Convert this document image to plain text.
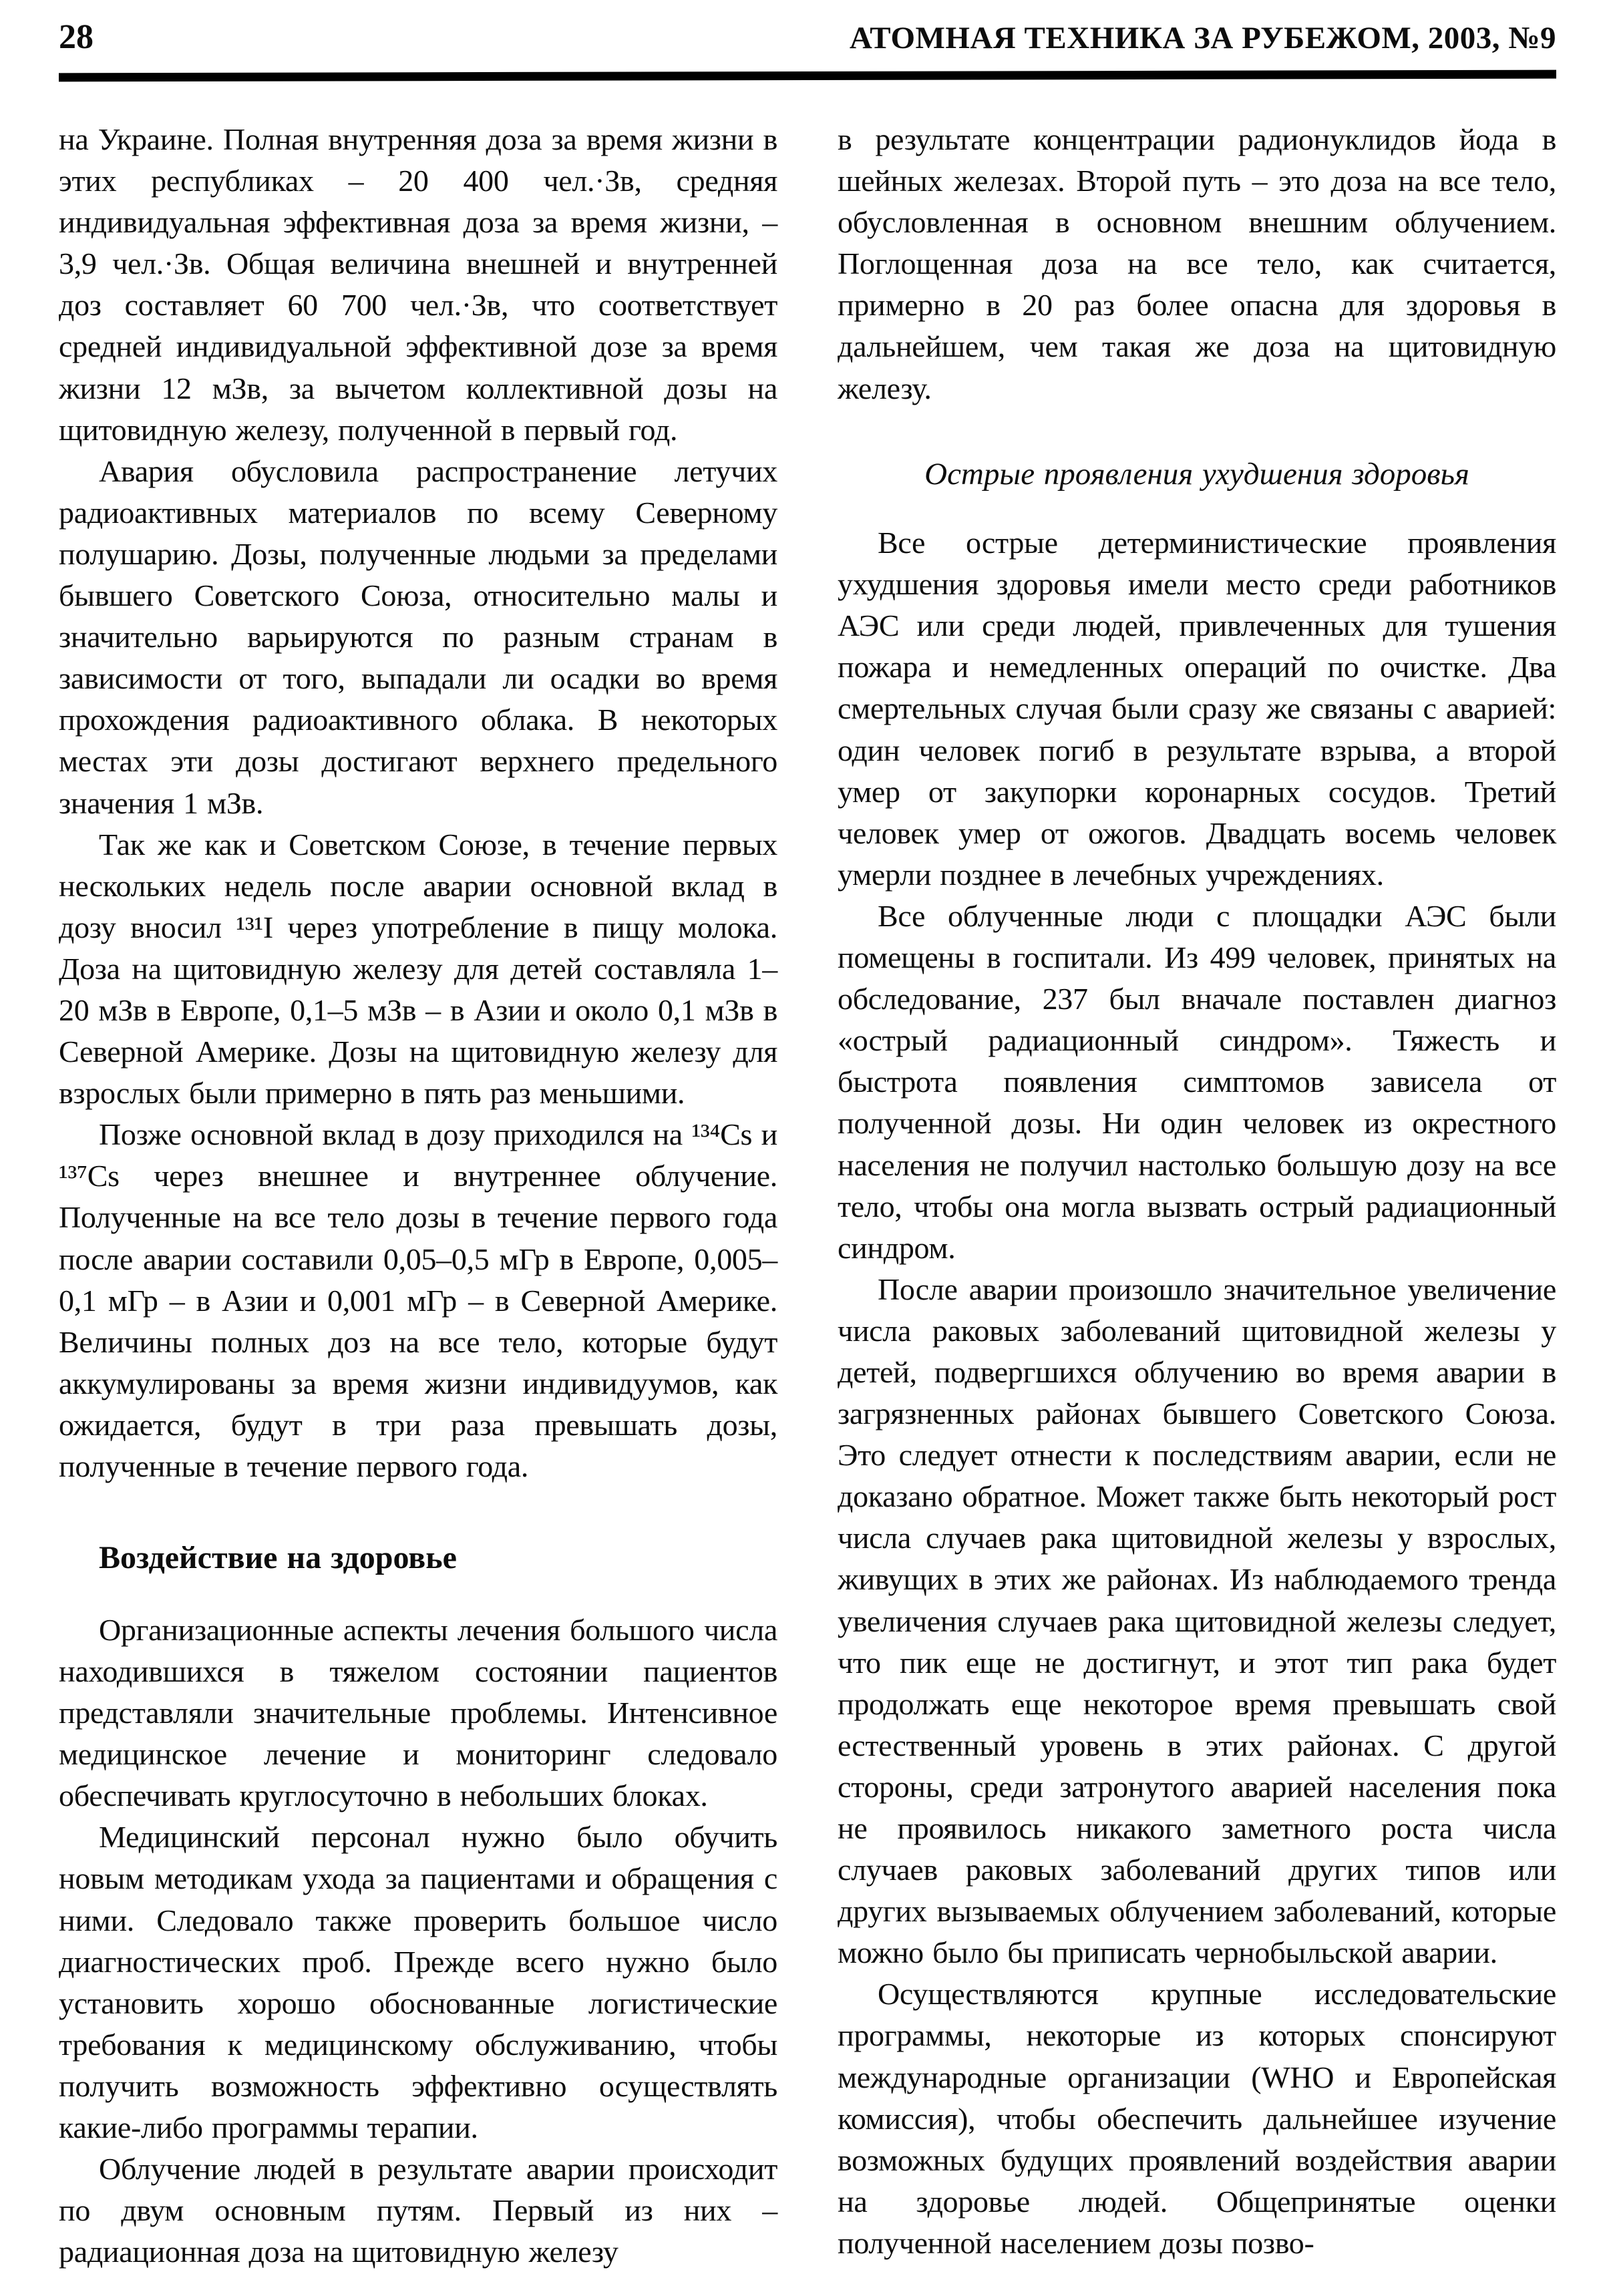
28	АТОМНАЯ ТЕХНИКА ЗА РУБЕЖОМ, 2003, №9

на Украине. Полная внутренняя доза за время жизни в этих республиках – 20 400 чел.·Зв, средняя индивидуальная эффективная доза за время жизни, – 3,9 чел.·Зв. Общая величина внешней и внутренней доз составляет 60 700 чел.·Зв, что соответствует средней индивидуальной эффективной дозе за время жизни 12 мЗв, за вычетом коллективной дозы на щитовидную железу, полученной в первый год.

Авария обусловила распространение летучих радиоактивных материалов по всему Северному полушарию. Дозы, полученные людьми за пределами бывшего Советского Союза, относительно малы и значительно варьируются по разным странам в зависимости от того, выпадали ли осадки во время прохождения радиоактивного облака. В некоторых местах эти дозы достигают верхнего предельного значения 1 мЗв.

Так же как и Советском Союзе, в течение первых нескольких недель после аварии основной вклад в дозу вносил ¹³¹I через употребление в пищу молока. Доза на щитовидную железу для детей составляла 1–20 мЗв в Европе, 0,1–5 мЗв – в Азии и около 0,1 мЗв в Северной Америке. Дозы на щитовидную железу для взрослых были примерно в пять раз меньшими.

Позже основной вклад в дозу приходился на ¹³⁴Cs и ¹³⁷Cs через внешнее и внутреннее облучение. Полученные на все тело дозы в течение первого года после аварии составили 0,05–0,5 мГр в Европе, 0,005–0,1 мГр – в Азии и 0,001 мГр – в Северной Америке. Величины полных доз на все тело, которые будут аккумулированы за время жизни индивидуумов, как ожидается, будут в три раза превышать дозы, полученные в течение первого года.

Воздействие на здоровье

Организационные аспекты лечения большого числа находившихся в тяжелом состоянии пациентов представляли значительные проблемы. Интенсивное медицинское лечение и мониторинг следовало обеспечивать круглосуточно в небольших блоках.

Медицинский персонал нужно было обучить новым методикам ухода за пациентами и обращения с ними. Следовало также проверить большое число диагностических проб. Прежде всего нужно было установить хорошо обоснованные логистические требования к медицинскому обслуживанию, чтобы получить возможность эффективно осуществлять какие-либо программы терапии.

Облучение людей в результате аварии происходит по двум основным путям. Первый из них – радиационная доза на щитовидную железу

в результате концентрации радионуклидов йода в шейных железах. Второй путь – это доза на все тело, обусловленная в основном внешним облучением. Поглощенная доза на все тело, как считается, примерно в 20 раз более опасна для здоровья в дальнейшем, чем такая же доза на щитовидную железу.

Острые проявления ухудшения здоровья

Все острые детерминистические проявления ухудшения здоровья имели место среди работников АЭС или среди людей, привлеченных для тушения пожара и немедленных операций по очистке. Два смертельных случая были сразу же связаны с аварией: один человек погиб в результате взрыва, а второй умер от закупорки коронарных сосудов. Третий человек умер от ожогов. Двадцать восемь человек умерли позднее в лечебных учреждениях.

Все облученные люди с площадки АЭС были помещены в госпитали. Из 499 человек, принятых на обследование, 237 был вначале поставлен диагноз «острый радиационный синдром». Тяжесть и быстрота появления симптомов зависела от полученной дозы. Ни один человек из окрестного населения не получил настолько большую дозу на все тело, чтобы она могла вызвать острый радиационный синдром.

После аварии произошло значительное увеличение числа раковых заболеваний щитовидной железы у детей, подвергшихся облучению во время аварии в загрязненных районах бывшего Советского Союза. Это следует отнести к последствиям аварии, если не доказано обратное. Может также быть некоторый рост числа случаев рака щитовидной железы у взрослых, живущих в этих же районах. Из наблюдаемого тренда увеличения случаев рака щитовидной железы следует, что пик еще не достигнут, и этот тип рака будет продолжать еще некоторое время превышать свой естественный уровень в этих районах. С другой стороны, среди затронутого аварией населения пока не проявилось никакого заметного роста числа случаев раковых заболеваний других типов или других вызываемых облучением заболеваний, которые можно было бы приписать чернобыльской аварии.

Осуществляются крупные исследовательские программы, некоторые из которых спонсируют международные организации (WHO и Европейская комиссия), чтобы обеспечить дальнейшее изучение возможных будущих проявлений воздействия аварии на здоровье людей. Общепринятые оценки полученной населением дозы позво-
